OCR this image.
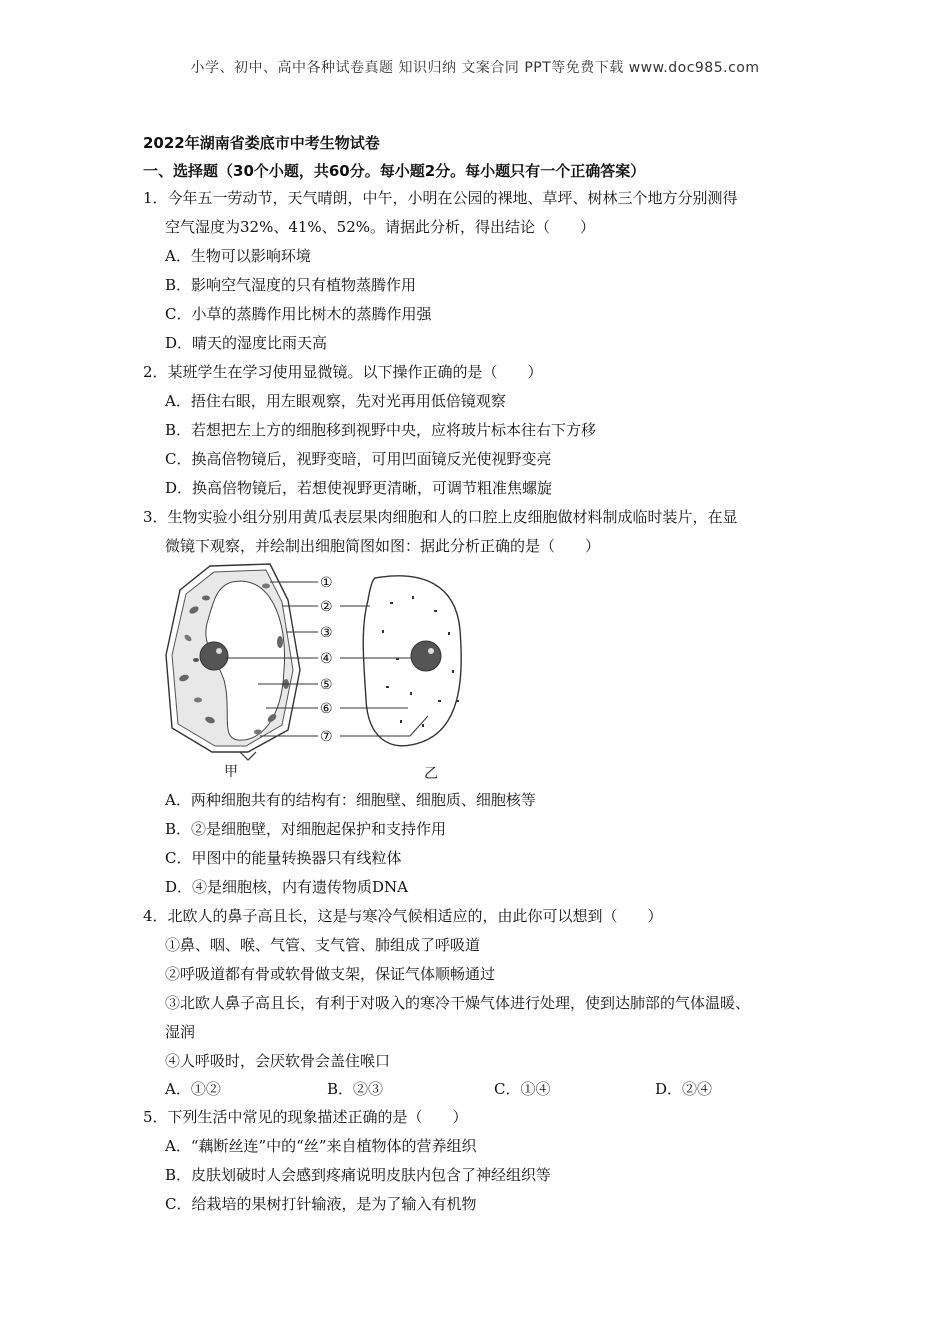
小学、初中、高中各种试卷真题 知识归纳 文案合同 PPT等免费下载 www.doc985.com
2022年湖南省娄底市中考生物试卷
一、选择题（30个小题，共60分。每小题2分。每小题只有一个正确答案）
1．今年五一劳动节，天气晴朗，中午，小明在公园的裸地、草坪、树林三个地方分别测得
空气湿度为32%、41%、52%。请据此分析，得出结论（　　）
A．生物可以影响环境
B．影响空气湿度的只有植物蒸腾作用
C．小草的蒸腾作用比树木的蒸腾作用强
D．晴天的湿度比雨天高
2．某班学生在学习使用显微镜。以下操作正确的是（　　）
A．捂住右眼，用左眼观察，先对光再用低倍镜观察
B．若想把左上方的细胞移到视野中央，应将玻片标本往右下方移
C．换高倍物镜后，视野变暗，可用凹面镜反光使视野变亮
D．换高倍物镜后，若想使视野更清晰，可调节粗准焦螺旋
3．生物实验小组分别用黄瓜表层果肉细胞和人的口腔上皮细胞做材料制成临时装片，在显
微镜下观察，并绘制出细胞简图如图：据此分析正确的是（　　）
①
②
③
④
⑤
⑥
⑦
甲	乙
A．两种细胞共有的结构有：细胞壁、细胞质、细胞核等
B．②是细胞壁，对细胞起保护和支持作用
C．甲图中的能量转换器只有线粒体
D．④是细胞核，内有遗传物质DNA
4．北欧人的鼻子高且长，这是与寒冷气候相适应的，由此你可以想到（　　）
①鼻、咽、喉、气管、支气管、肺组成了呼吸道
②呼吸道都有骨或软骨做支架，保证气体顺畅通过
③北欧人鼻子高且长，有利于对吸入的寒冷干燥气体进行处理，使到达肺部的气体温暖、
湿润
④人呼吸时，会厌软骨会盖住喉口
A．①②	B．②③	C．①④	D．②④
5．下列生活中常见的现象描述正确的是（　　）
A．“藕断丝连”中的“丝”来自植物体的营养组织
B．皮肤划破时人会感到疼痛说明皮肤内包含了神经组织等
C．给栽培的果树打针输液，是为了输入有机物
